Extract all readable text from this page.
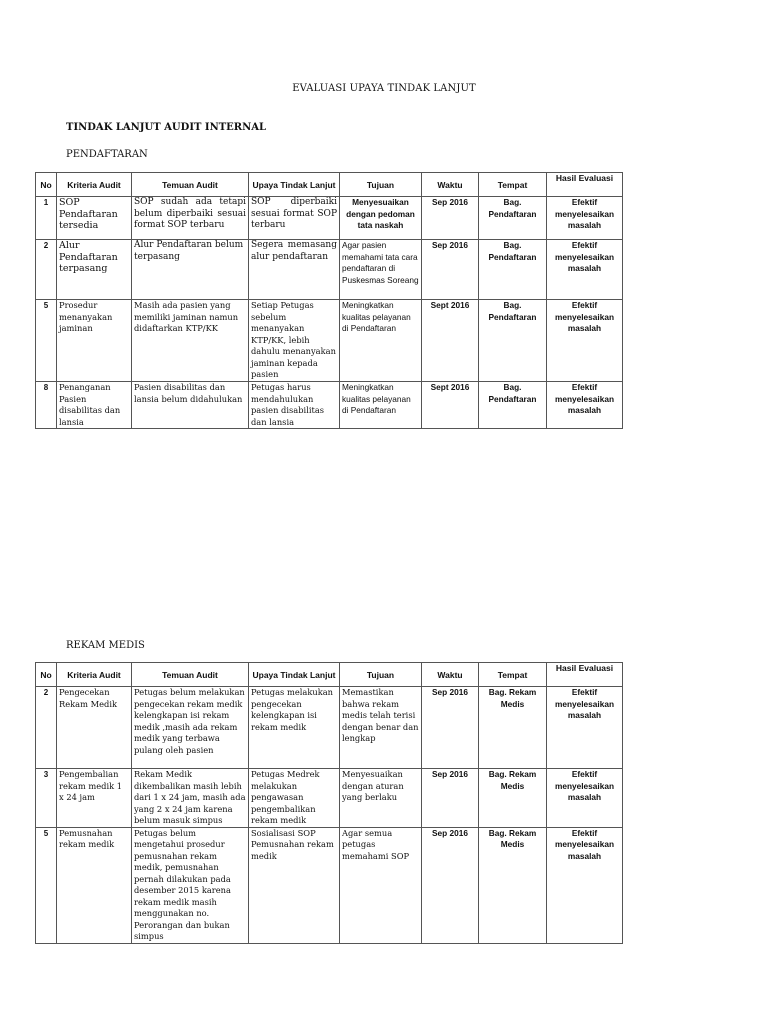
EVALUASI UPAYA TINDAK LANJUT
TINDAK LANJUT AUDIT INTERNAL
PENDAFTARAN
No	Kriteria Audit	Temuan Audit	Upaya Tindak Lanjut	Tujuan	Waktu	Tempat	Hasil Evaluasi
1	SOP Pendaftaran tersedia	SOP sudah ada tetapi belum diperbaiki sesuai format SOP terbaru	SOP diperbaiki sesuai format SOP terbaru	Menyesuaikan dengan pedoman tata naskah	Sep 2016	Bag. Pendaftaran	Efektif menyelesaikan masalah
2	Alur Pendaftaran terpasang	Alur Pendaftaran belum terpasang	Segera memasang alur pendaftaran	Agar pasien memahami tata cara pendaftaran di Puskesmas Soreang	Sep 2016	Bag. Pendaftaran	Efektif menyelesaikan masalah
5	Prosedur menanyakan jaminan	Masih ada pasien yang memiliki jaminan namun didaftarkan KTP/KK	Setiap Petugas sebelum menanyakan KTP/KK, lebih dahulu menanyakan jaminan kepada pasien	Meningkatkan kualitas pelayanan di Pendaftaran	Sept 2016	Bag. Pendaftaran	Efektif menyelesaikan masalah
8	Penanganan Pasien disabilitas dan lansia	Pasien disabilitas dan lansia belum didahulukan	Petugas harus mendahulukan pasien disabilitas dan lansia	Meningkatkan kualitas pelayanan di Pendaftaran	Sept 2016	Bag. Pendaftaran	Efektif menyelesaikan masalah
REKAM MEDIS
No	Kriteria Audit	Temuan Audit	Upaya Tindak Lanjut	Tujuan	Waktu	Tempat	Hasil Evaluasi
2	Pengecekan Rekam Medik	Petugas belum melakukan pengecekan rekam medik kelengkapan isi rekam medik ,masih ada rekam medik yang terbawa pulang oleh pasien	Petugas melakukan pengecekan kelengkapan isi rekam medik	Memastikan bahwa rekam medis telah terisi dengan benar dan lengkap	Sep 2016	Bag. Rekam Medis	Efektif menyelesaikan masalah
3	Pengembalian rekam medik 1 x 24 jam	Rekam Medik dikembalikan masih lebih dari 1 x 24 jam, masih ada yang 2 x 24 jam karena belum masuk simpus	Petugas Medrek melakukan pengawasan pengembalikan rekam medik	Menyesuaikan dengan aturan yang berlaku	Sep 2016	Bag. Rekam Medis	Efektif menyelesaikan masalah
5	Pemusnahan rekam medik	Petugas belum mengetahui prosedur pemusnahan rekam medik, pemusnahan pernah dilakukan pada desember 2015 karena rekam medik masih menggunakan no. Perorangan dan bukan simpus	Sosialisasi SOP Pemusnahan rekam medik	Agar semua petugas memahami SOP	Sep 2016	Bag. Rekam Medis	Efektif menyelesaikan masalah
